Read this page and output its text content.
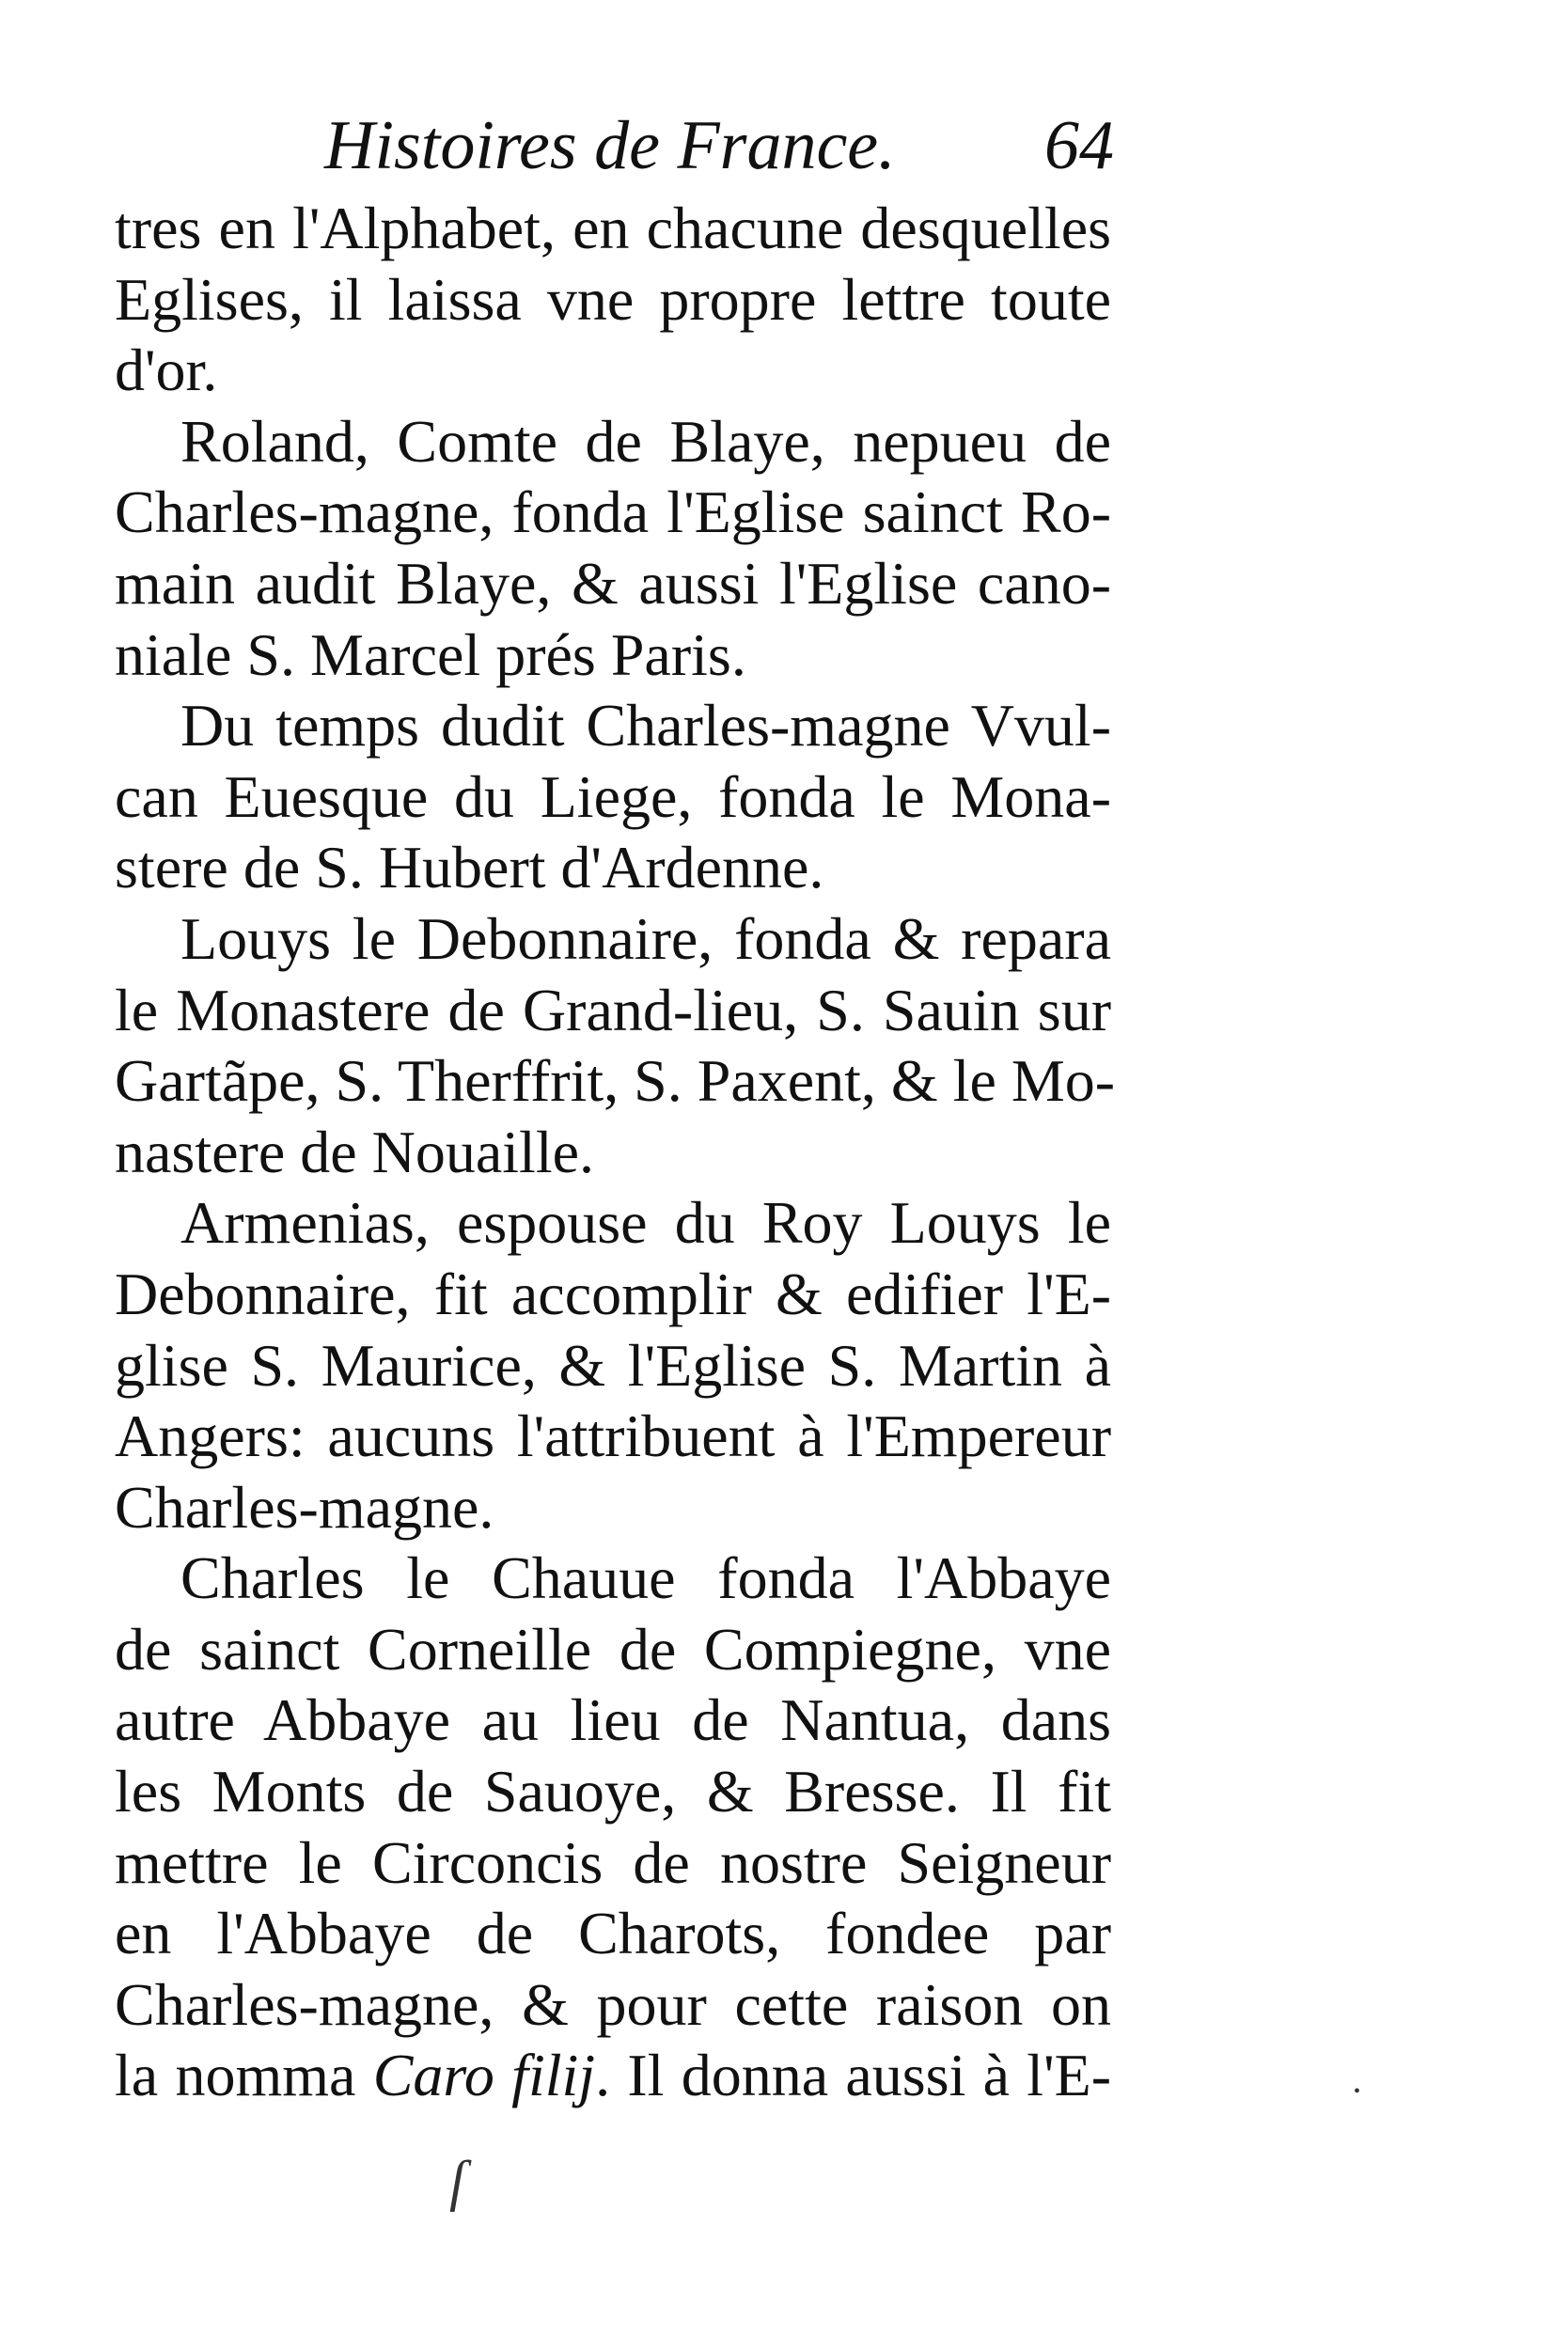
Histoires de France. 64
tres en l'Alphabet, en chacune desquelles
Eglises, il laissa vne propre lettre toute
d'or.
Roland, Comte de Blaye, nepueu de
Charles-magne, fonda l'Eglise sainct Ro-
main audit Blaye, & aussi l'Eglise cano-
niale S. Marcel prés Paris.
Du temps dudit Charles-magne Vvul-
can Euesque du Liege, fonda le Mona-
stere de S. Hubert d'Ardenne.
Louys le Debonnaire, fonda & repara
le Monastere de Grand-lieu, S. Sauin sur
Gartãpe, S. Therffrit, S. Paxent, & le Mo-
nastere de Nouaille.
Armenias, espouse du Roy Louys le
Debonnaire, fit accomplir & edifier l'E-
glise S. Maurice, & l'Eglise S. Martin à
Angers: aucuns l'attribuent à l'Empereur
Charles-magne.
Charles le Chauue fonda l'Abbaye
de sainct Corneille de Compiegne, vne
autre Abbaye au lieu de Nantua, dans
les Monts de Sauoye, & Bresse. Il fit
mettre le Circoncis de nostre Seigneur
en l'Abbaye de Charots, fondee par
Charles-magne, & pour cette raison on
la nomma Caro filij. Il donna aussi à l'E-
ſ
•
